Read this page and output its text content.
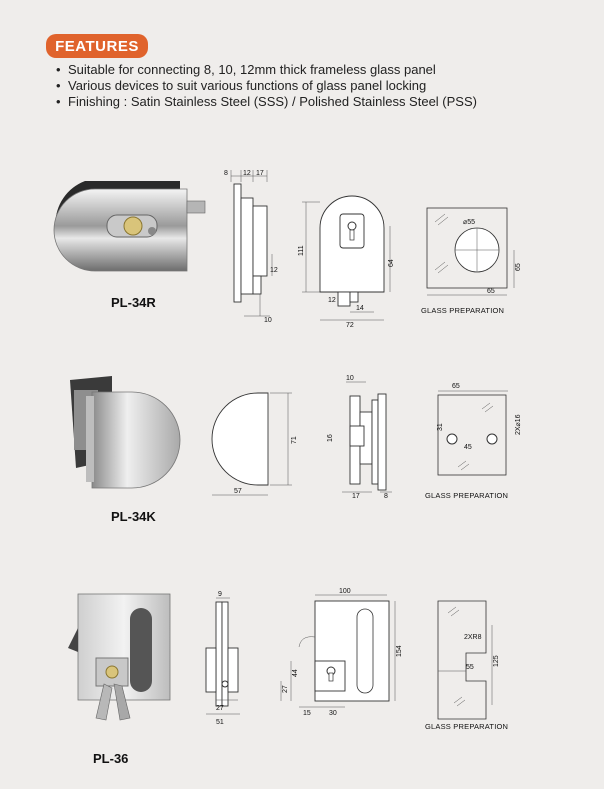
FEATURES
• Suitable for connecting 8, 10, 12mm thick frameless glass panel
• Various devices to suit various functions of glass panel locking
• Finishing : Satin Stainless Steel (SSS) / Polished Stainless Steel (PSS)
PL-34R
8 12 17
10
12
111
64
12
14
72
⌀55
65
65
GLASS PREPARATION
PL-34K
71
57
10
16
17	8
65
31
45
2X⌀16
GLASS PREPARATION
PL-36
9
27
51
100
154
44
27
15	30
2XR8
55
125
GLASS PREPARATION
